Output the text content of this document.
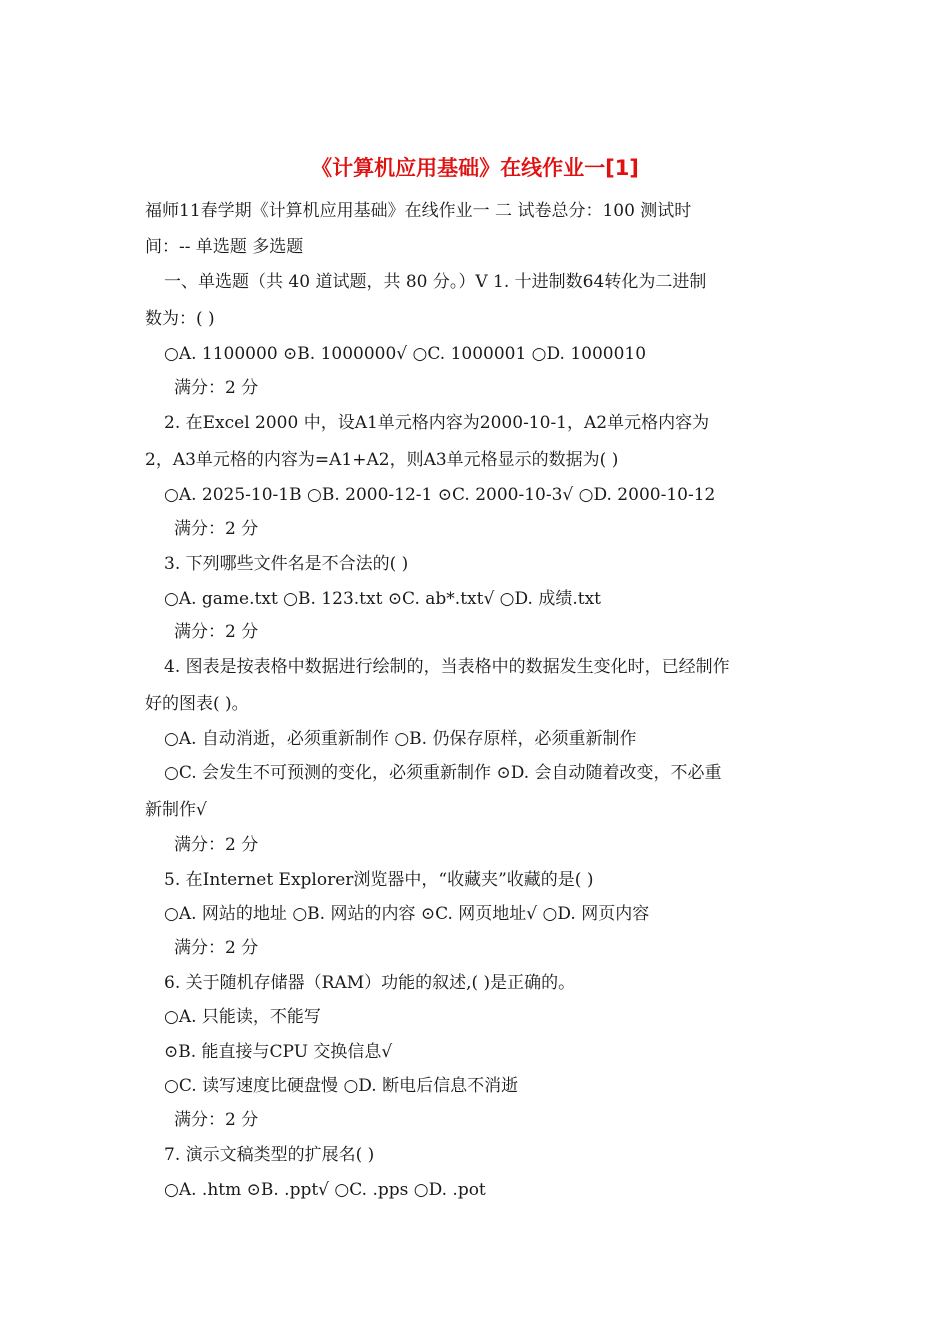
《计算机应用基础》在线作业一[1]
福师11春学期《计算机应用基础》在线作业一 二 试卷总分：100 测试时
间：-- 单选题 多选题
一、单选题（共 40 道试题，共 80 分。）V 1. 十进制数64转化为二进制
数为：( )
○A. 1100000 ⊙B. 1000000√ ○C. 1000001 ○D. 1000010
满分：2 分
2. 在Excel 2000 中，设A1单元格内容为2000-10-1，A2单元格内容为
2，A3单元格的内容为=A1+A2，则A3单元格显示的数据为( )
○A. 2025-10-1B ○B. 2000-12-1 ⊙C. 2000-10-3√ ○D. 2000-10-12
满分：2 分
3. 下列哪些文件名是不合法的( )
○A. game.txt ○B. 123.txt ⊙C. ab*.txt√ ○D. 成绩.txt
满分：2 分
4. 图表是按表格中数据进行绘制的，当表格中的数据发生变化时，已经制作
好的图表( )。
○A. 自动消逝，必须重新制作 ○B. 仍保存原样，必须重新制作
○C. 会发生不可预测的变化，必须重新制作 ⊙D. 会自动随着改变，不必重
新制作√
满分：2 分
5. 在Internet Explorer浏览器中，“收藏夹”收藏的是( )
○A. 网站的地址 ○B. 网站的内容 ⊙C. 网页地址√ ○D. 网页内容
满分：2 分
6. 关于随机存储器（RAM）功能的叙述,( )是正确的。
○A. 只能读，不能写
⊙B. 能直接与CPU 交换信息√
○C. 读写速度比硬盘慢 ○D. 断电后信息不消逝
满分：2 分
7. 演示文稿类型的扩展名( )
○A. .htm ⊙B. .ppt√ ○C. .pps ○D. .pot
